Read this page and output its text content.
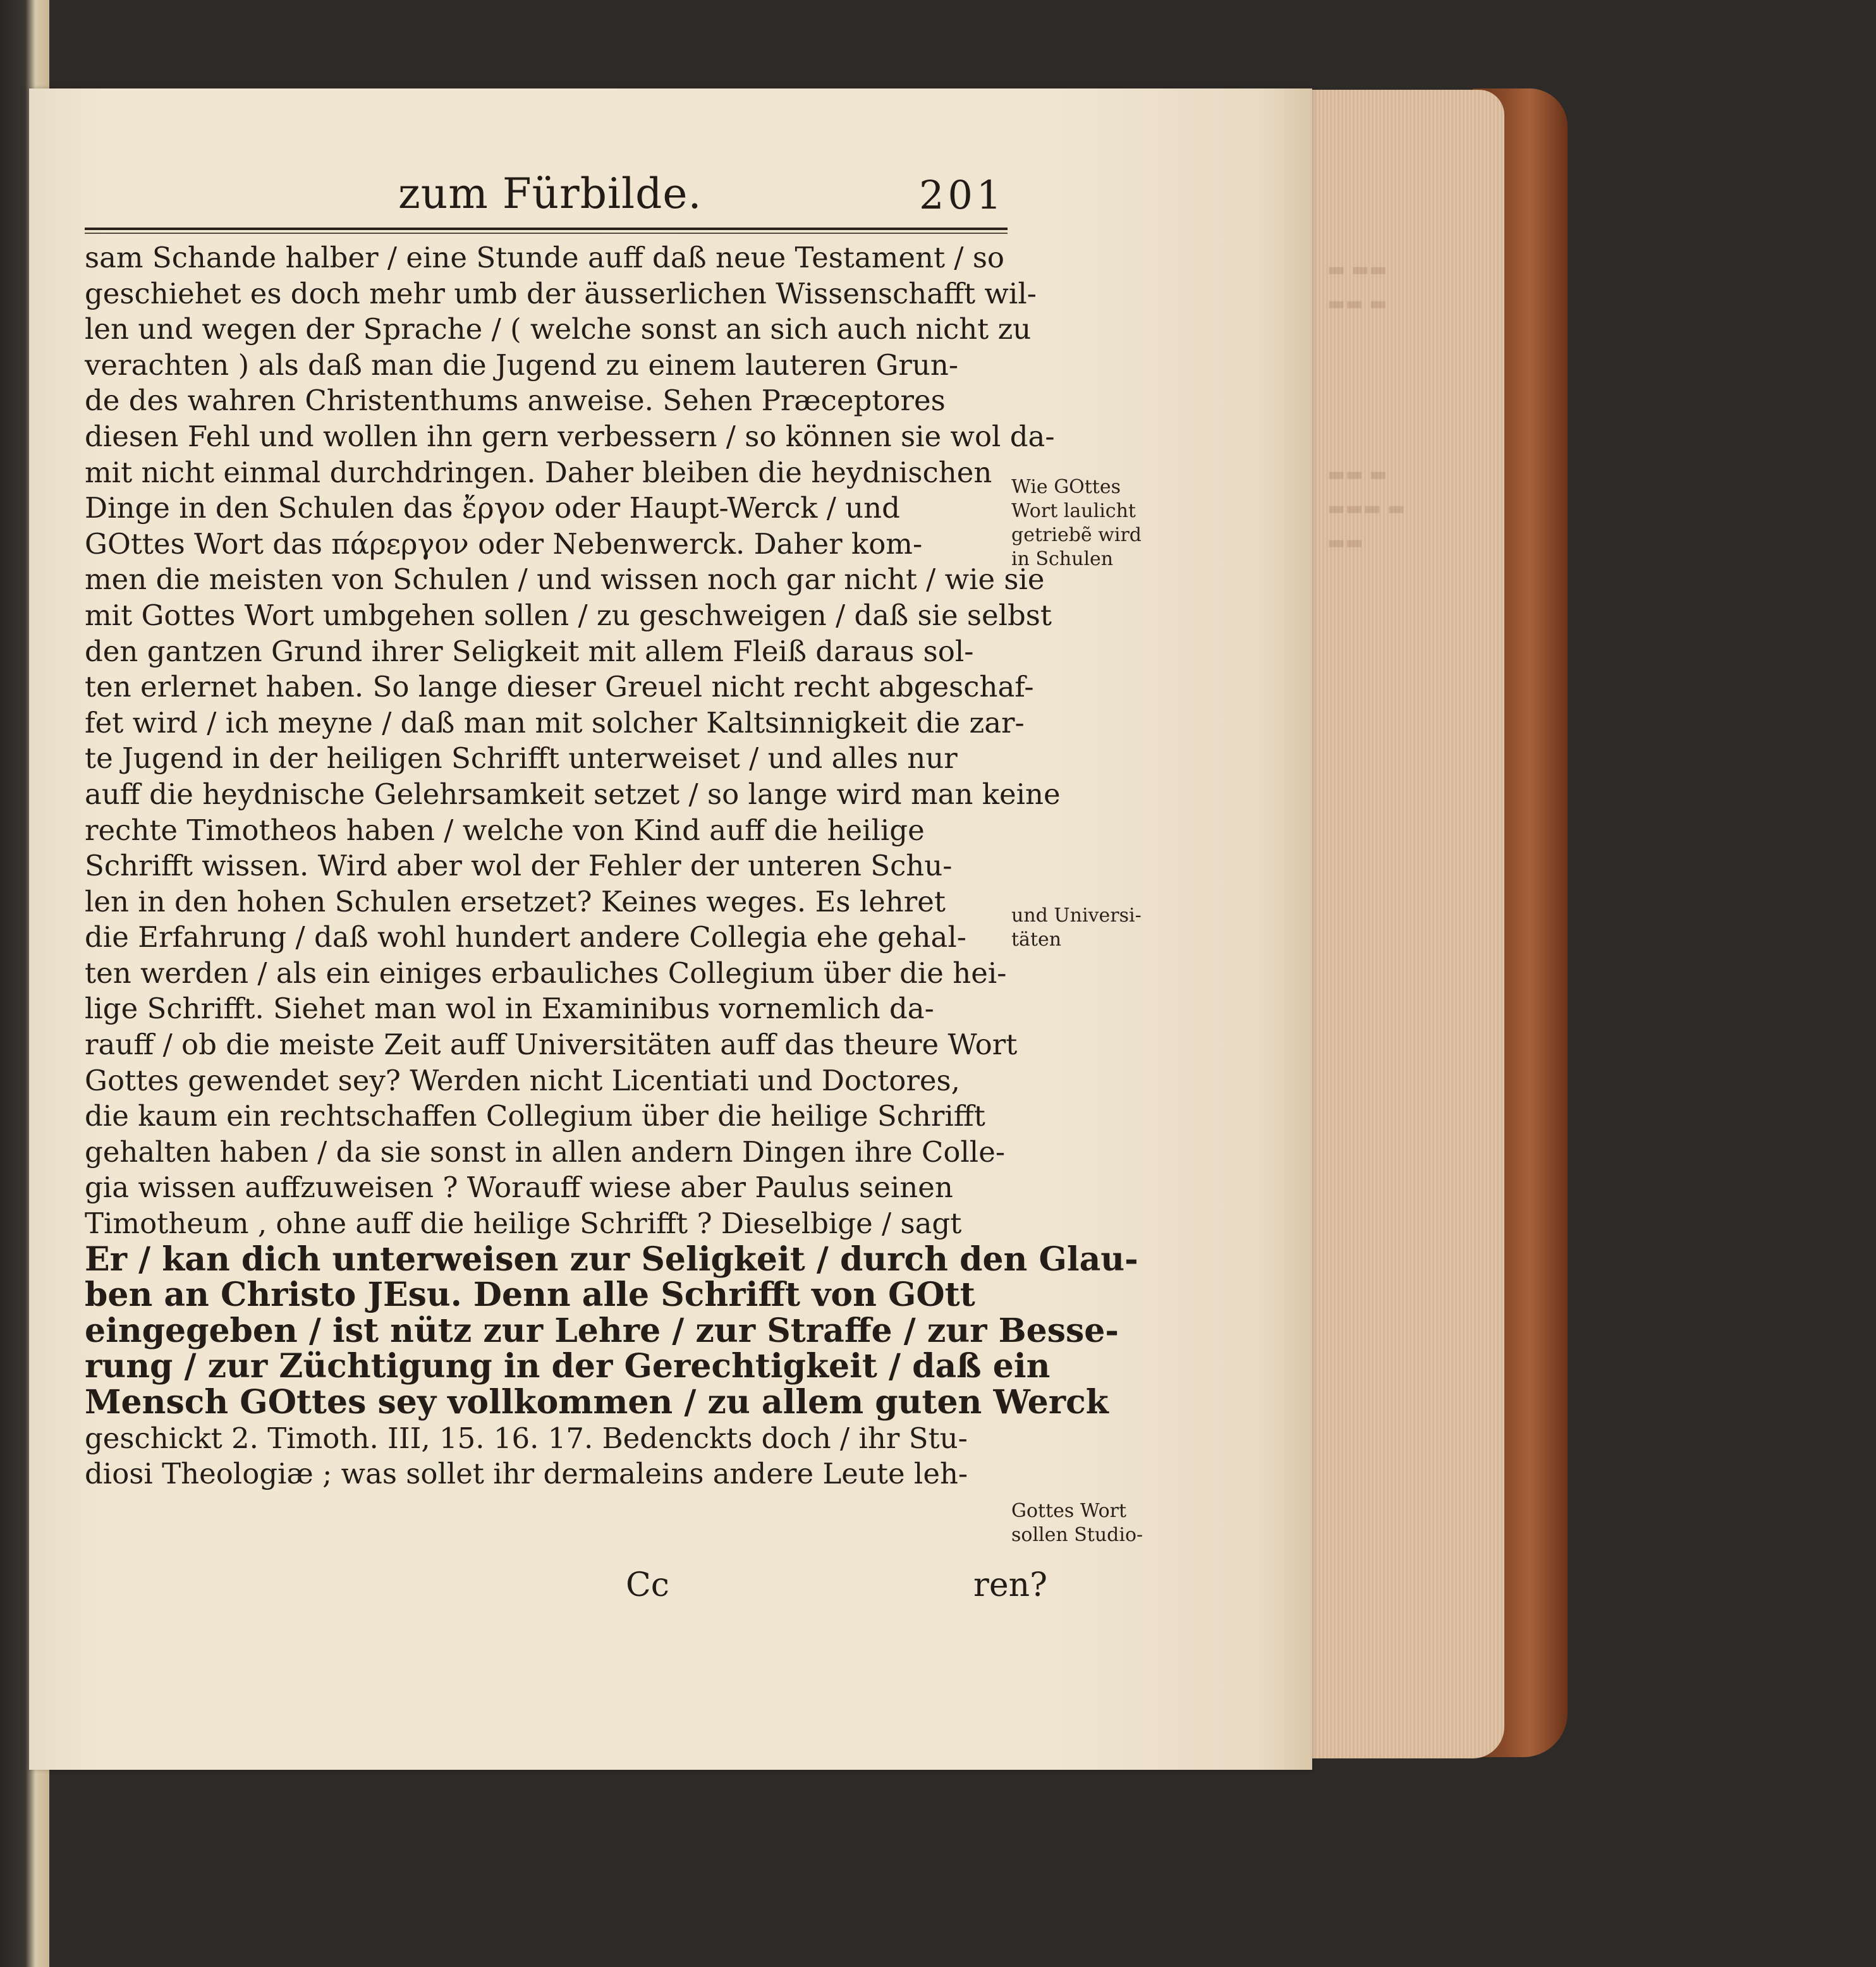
zum Fürbilde.	201
sam Schande halber / eine Stunde auff daß neue Testament / so
geschiehet es doch mehr umb der äusserlichen Wissenschafft wil-
len und wegen der Sprache / ( welche sonst an sich auch nicht zu
verachten ) als daß man die Jugend zu einem lauteren Grun-
de des wahren Christenthums anweise. Sehen Præceptores
diesen Fehl und wollen ihn gern verbessern / so können sie wol da-
mit nicht einmal durchdringen. Daher bleiben die heydnischen
Dinge in den Schulen das ἔργον oder Haupt-Werck / und
GOttes Wort das πάρεργον oder Nebenwerck. Daher kom-
men die meisten von Schulen / und wissen noch gar nicht / wie sie
mit Gottes Wort umbgehen sollen / zu geschweigen / daß sie selbst
den gantzen Grund ihrer Seligkeit mit allem Fleiß daraus sol-
ten erlernet haben. So lange dieser Greuel nicht recht abgeschaf-
fet wird / ich meyne / daß man mit solcher Kaltsinnigkeit die zar-
te Jugend in der heiligen Schrifft unterweiset / und alles nur
auff die heydnische Gelehrsamkeit setzet / so lange wird man keine
rechte Timotheos haben / welche von Kind auff die heilige
Schrifft wissen. Wird aber wol der Fehler der unteren Schu-
len in den hohen Schulen ersetzet? Keines weges. Es lehret
die Erfahrung / daß wohl hundert andere Collegia ehe gehal-
ten werden / als ein einiges erbauliches Collegium über die hei-
lige Schrifft. Siehet man wol in Examinibus vornemlich da-
rauff / ob die meiste Zeit auff Universitäten auff das theure Wort
Gottes gewendet sey? Werden nicht Licentiati und Doctores,
die kaum ein rechtschaffen Collegium über die heilige Schrifft
gehalten haben / da sie sonst in allen andern Dingen ihre Colle-
gia wissen auffzuweisen ? Worauff wiese aber Paulus seinen
Timotheum , ohne auff die heilige Schrifft ? Dieselbige / sagt
Er / kan dich unterweisen zur Seligkeit / durch den Glau-
ben an Christo JEsu. Denn alle Schrifft von GOtt
eingegeben / ist nütz zur Lehre / zur Straffe / zur Besse-
rung / zur Züchtigung in der Gerechtigkeit / daß ein
Mensch GOttes sey vollkommen / zu allem guten Werck
geschickt 2. Timoth. III, 15. 16. 17. Bedenckts doch / ihr Stu-
diosi Theologiæ ; was sollet ihr dermaleins andere Leute leh-
Cc	ren?
Wie GOttes
Wort laulicht
getriebẽ wird
in Schulen
und Universi-
täten
Gottes Wort
sollen Studio-
